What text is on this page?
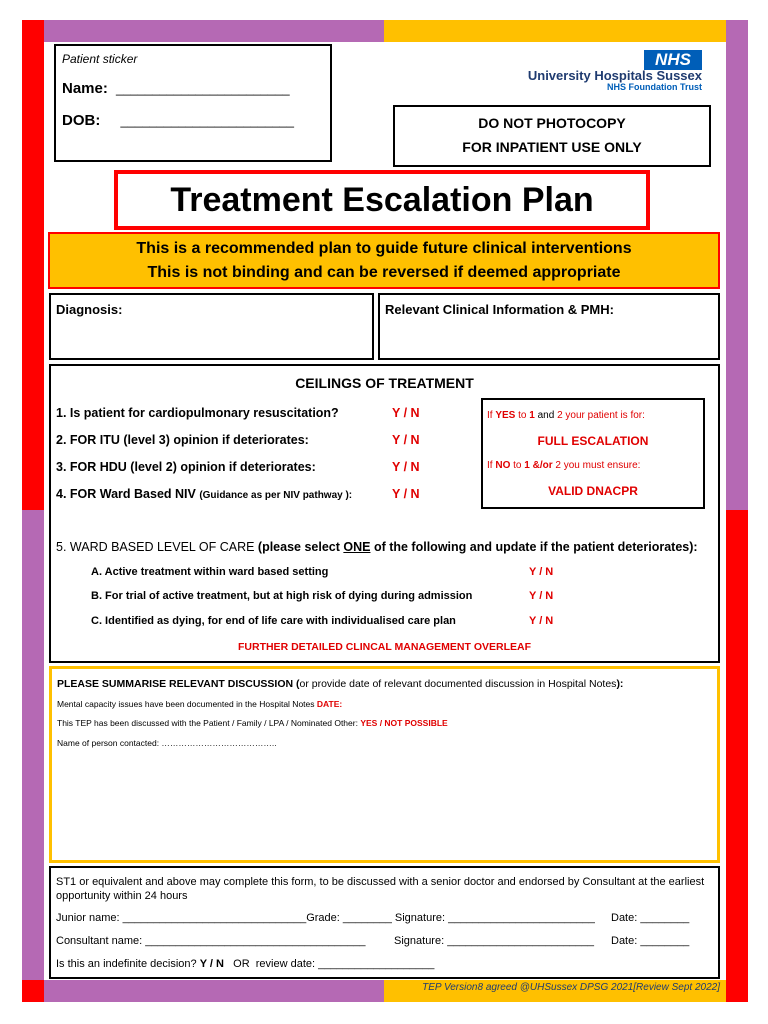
Patient sticker
Name: ________________________
DOB: ________________________
NHS
University Hospitals Sussex
NHS Foundation Trust
DO NOT PHOTOCOPY
FOR INPATIENT USE ONLY
Treatment Escalation Plan
This is a recommended plan to guide future clinical interventions
This is not binding and can be reversed if deemed appropriate
Diagnosis:	Relevant Clinical Information & PMH:
CEILINGS OF TREATMENT
1. Is patient for cardiopulmonary resuscitation?	Y / N
2. FOR ITU (level 3) opinion if deteriorates:	Y / N
3. FOR HDU (level 2) opinion if deteriorates:	Y / N
4. FOR Ward Based NIV (Guidance as per NIV pathway ):	Y / N
If YES to 1 and 2 your patient is for:
FULL ESCALATION
If NO to 1 &/or 2 you must ensure:
VALID DNACPR
5. WARD BASED LEVEL OF CARE (please select ONE of the following and update if the patient deteriorates):
A. Active treatment within ward based setting	Y / N
B. For trial of active treatment, but at high risk of dying during admission	Y / N
C. Identified as dying, for end of life care with individualised care plan	Y / N
FURTHER DETAILED CLINCAL MANAGEMENT OVERLEAF
PLEASE SUMMARISE RELEVANT DISCUSSION (or provide date of relevant documented discussion in Hospital Notes):
Mental capacity issues have been documented in the Hospital Notes DATE:
This TEP has been discussed with the Patient / Family / LPA / Nominated Other: YES / NOT POSSIBLE
Name of person contacted: …………………………………..
ST1 or equivalent and above may complete this form, to be discussed with a senior doctor and endorsed by Consultant at the earliest opportunity within 24 hours
Junior name: ______________________________Grade: ________ Signature: ________________________ Date: ________
Consultant name: ____________________________________	Signature: ________________________ Date: ________
Is this an indefinite decision? Y / N   OR  review date: ___________________
TEP Version8 agreed @UHSussex DPSG 2021[Review Sept 2022]
